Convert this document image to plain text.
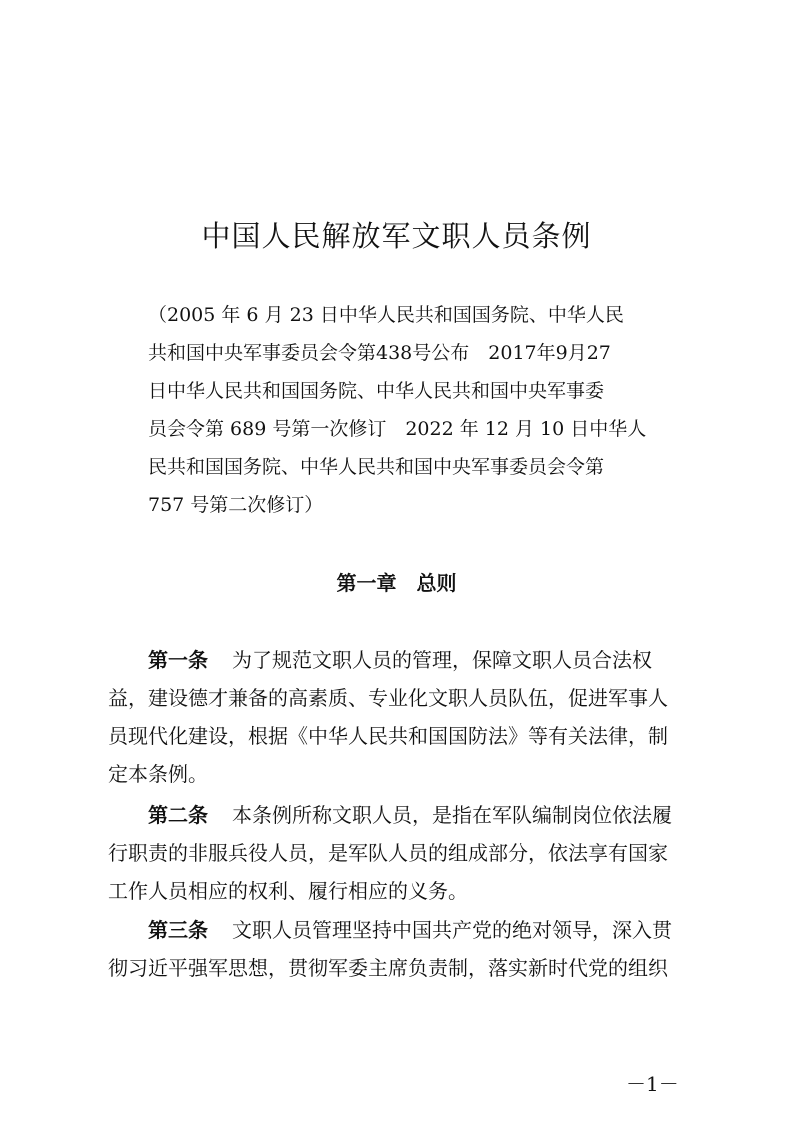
中国人民解放军文职人员条例
（2005 年 6 月 23 日中华人民共和国国务院、中华人民
共和国中央军事委员会令第438号公布　2017年9月27
日中华人民共和国国务院、中华人民共和国中央军事委
员会令第 689 号第一次修订　2022 年 12 月 10 日中华人
民共和国国务院、中华人民共和国中央军事委员会令第
757 号第二次修订）
第一章　总则
第一条 为了规范文职人员的管理，保障文职人员合法权
益，建设德才兼备的高素质、专业化文职人员队伍，促进军事人
员现代化建设，根据《中华人民共和国国防法》等有关法律，制
定本条例。
第二条 本条例所称文职人员，是指在军队编制岗位依法履
行职责的非服兵役人员，是军队人员的组成部分，依法享有国家
工作人员相应的权利、履行相应的义务。
第三条 文职人员管理坚持中国共产党的绝对领导，深入贯
彻习近平强军思想，贯彻军委主席负责制，落实新时代党的组织
－1－
